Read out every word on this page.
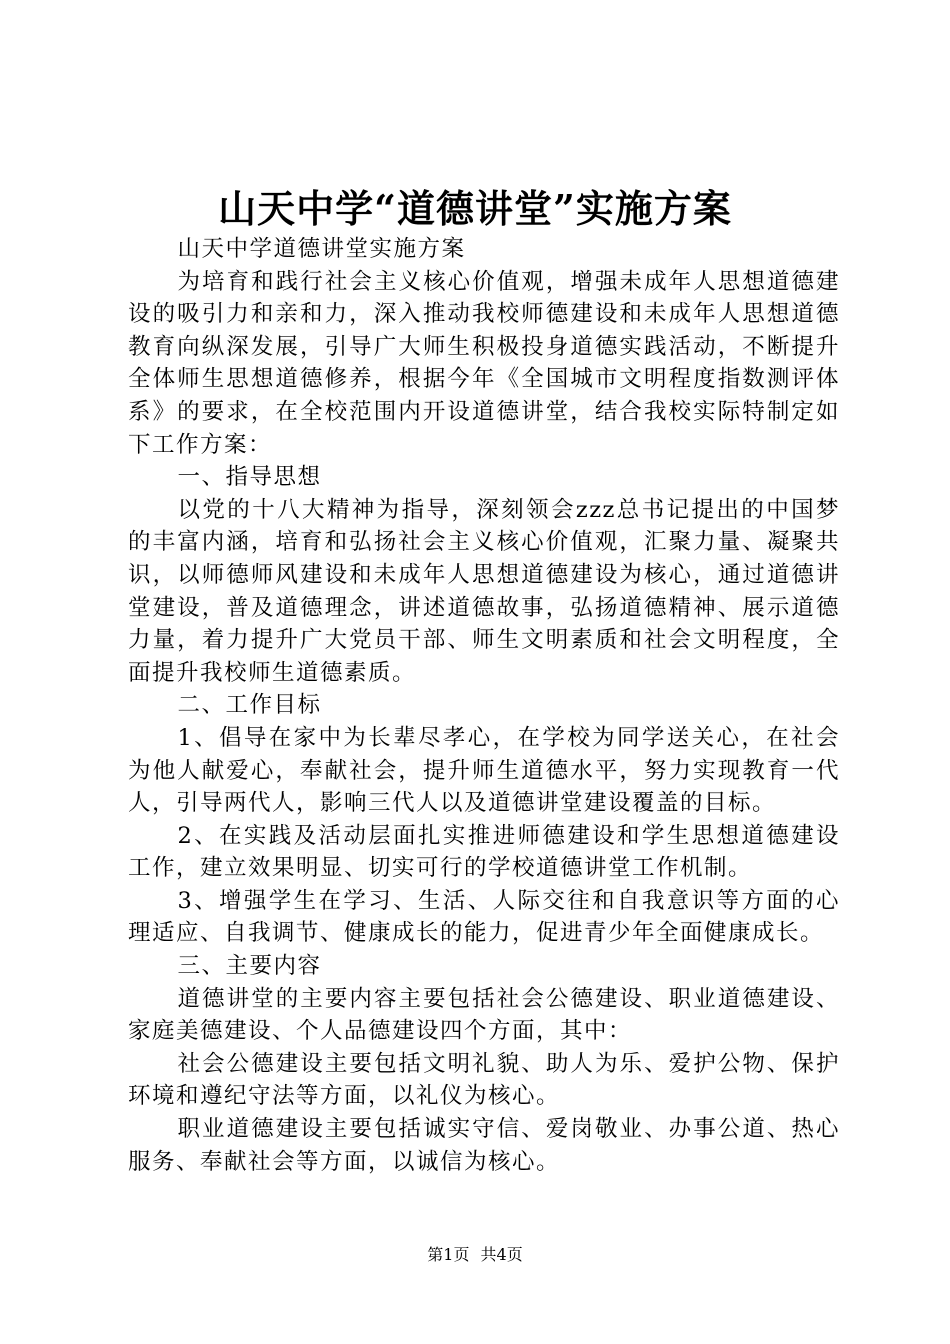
山天中学“道德讲堂”实施方案

山天中学道德讲堂实施方案

为培育和践行社会主义核心价值观，增强未成年人思想道德建设的吸引力和亲和力，深入推动我校师德建设和未成年人思想道德教育向纵深发展，引导广大师生积极投身道德实践活动，不断提升全体师生思想道德修养，根据今年《全国城市文明程度指数测评体系》的要求，在全校范围内开设道德讲堂，结合我校实际特制定如下工作方案：

一、指导思想

以党的十八大精神为指导，深刻领会zzz总书记提出的中国梦的丰富内涵，培育和弘扬社会主义核心价值观，汇聚力量、凝聚共识，以师德师风建设和未成年人思想道德建设为核心，通过道德讲堂建设，普及道德理念，讲述道德故事，弘扬道德精神、展示道德力量，着力提升广大党员干部、师生文明素质和社会文明程度，全面提升我校师生道德素质。

二、工作目标

1、倡导在家中为长辈尽孝心，在学校为同学送关心，在社会为他人献爱心，奉献社会，提升师生道德水平，努力实现教育一代人，引导两代人，影响三代人以及道德讲堂建设覆盖的目标。

2、在实践及活动层面扎实推进师德建设和学生思想道德建设工作，建立效果明显、切实可行的学校道德讲堂工作机制。

3、增强学生在学习、生活、人际交往和自我意识等方面的心理适应、自我调节、健康成长的能力，促进青少年全面健康成长。

三、主要内容

道德讲堂的主要内容主要包括社会公德建设、职业道德建设、家庭美德建设、个人品德建设四个方面，其中：

社会公德建设主要包括文明礼貌、助人为乐、爱护公物、保护环境和遵纪守法等方面，以礼仪为核心。

职业道德建设主要包括诚实守信、爱岗敬业、办事公道、热心服务、奉献社会等方面，以诚信为核心。

第1页 共4页
